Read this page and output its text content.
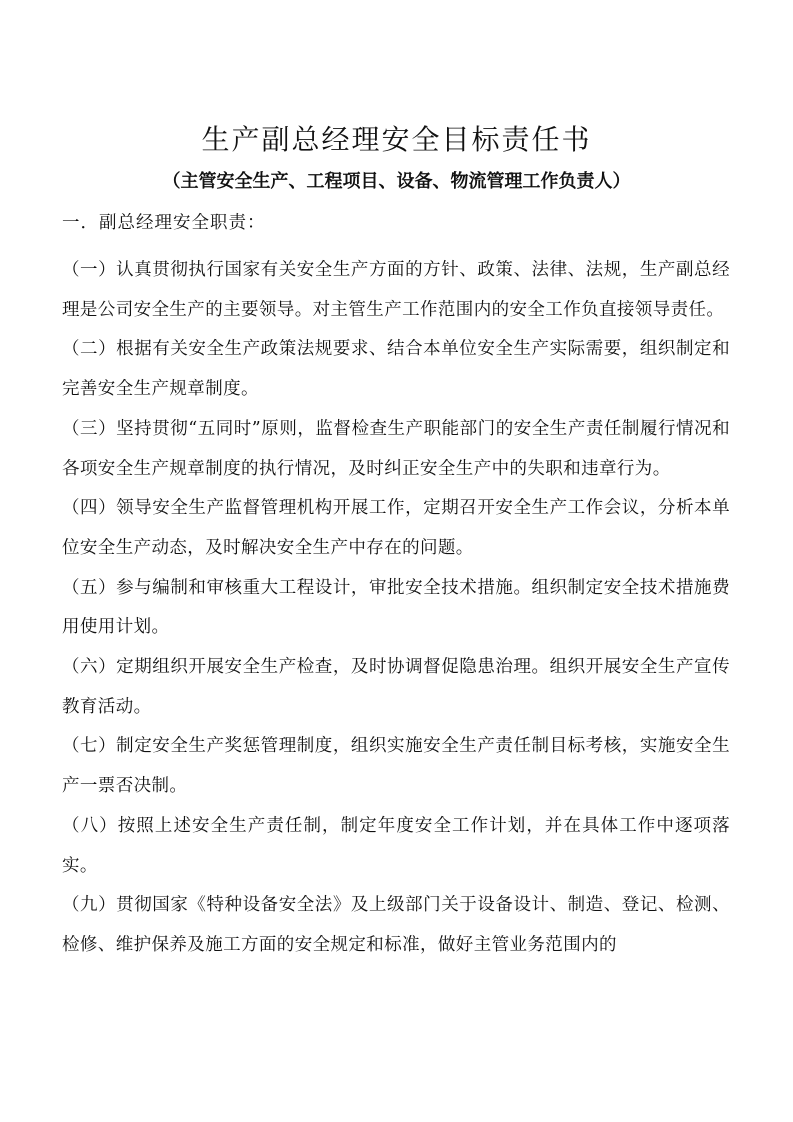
生产副总经理安全目标责任书
（主管安全生产、工程项目、设备、物流管理工作负责人）
一．副总经理安全职责：

（一）认真贯彻执行国家有关安全生产方面的方针、政策、法律、法规，生产副总经理是公司安全生产的主要领导。对主管生产工作范围内的安全工作负直接领导责任。

（二）根据有关安全生产政策法规要求、结合本单位安全生产实际需要，组织制定和完善安全生产规章制度。

（三）坚持贯彻“五同时”原则，监督检查生产职能部门的安全生产责任制履行情况和各项安全生产规章制度的执行情况，及时纠正安全生产中的失职和违章行为。

（四）领导安全生产监督管理机构开展工作，定期召开安全生产工作会议，分析本单位安全生产动态，及时解决安全生产中存在的问题。

（五）参与编制和审核重大工程设计，审批安全技术措施。组织制定安全技术措施费用使用计划。

（六）定期组织开展安全生产检查，及时协调督促隐患治理。组织开展安全生产宣传教育活动。

（七）制定安全生产奖惩管理制度，组织实施安全生产责任制目标考核，实施安全生产一票否决制。

（八）按照上述安全生产责任制，制定年度安全工作计划，并在具体工作中逐项落实。

（九）贯彻国家《特种设备安全法》及上级部门关于设备设计、制造、登记、检测、检修、维护保养及施工方面的安全规定和标准，做好主管业务范围内的
